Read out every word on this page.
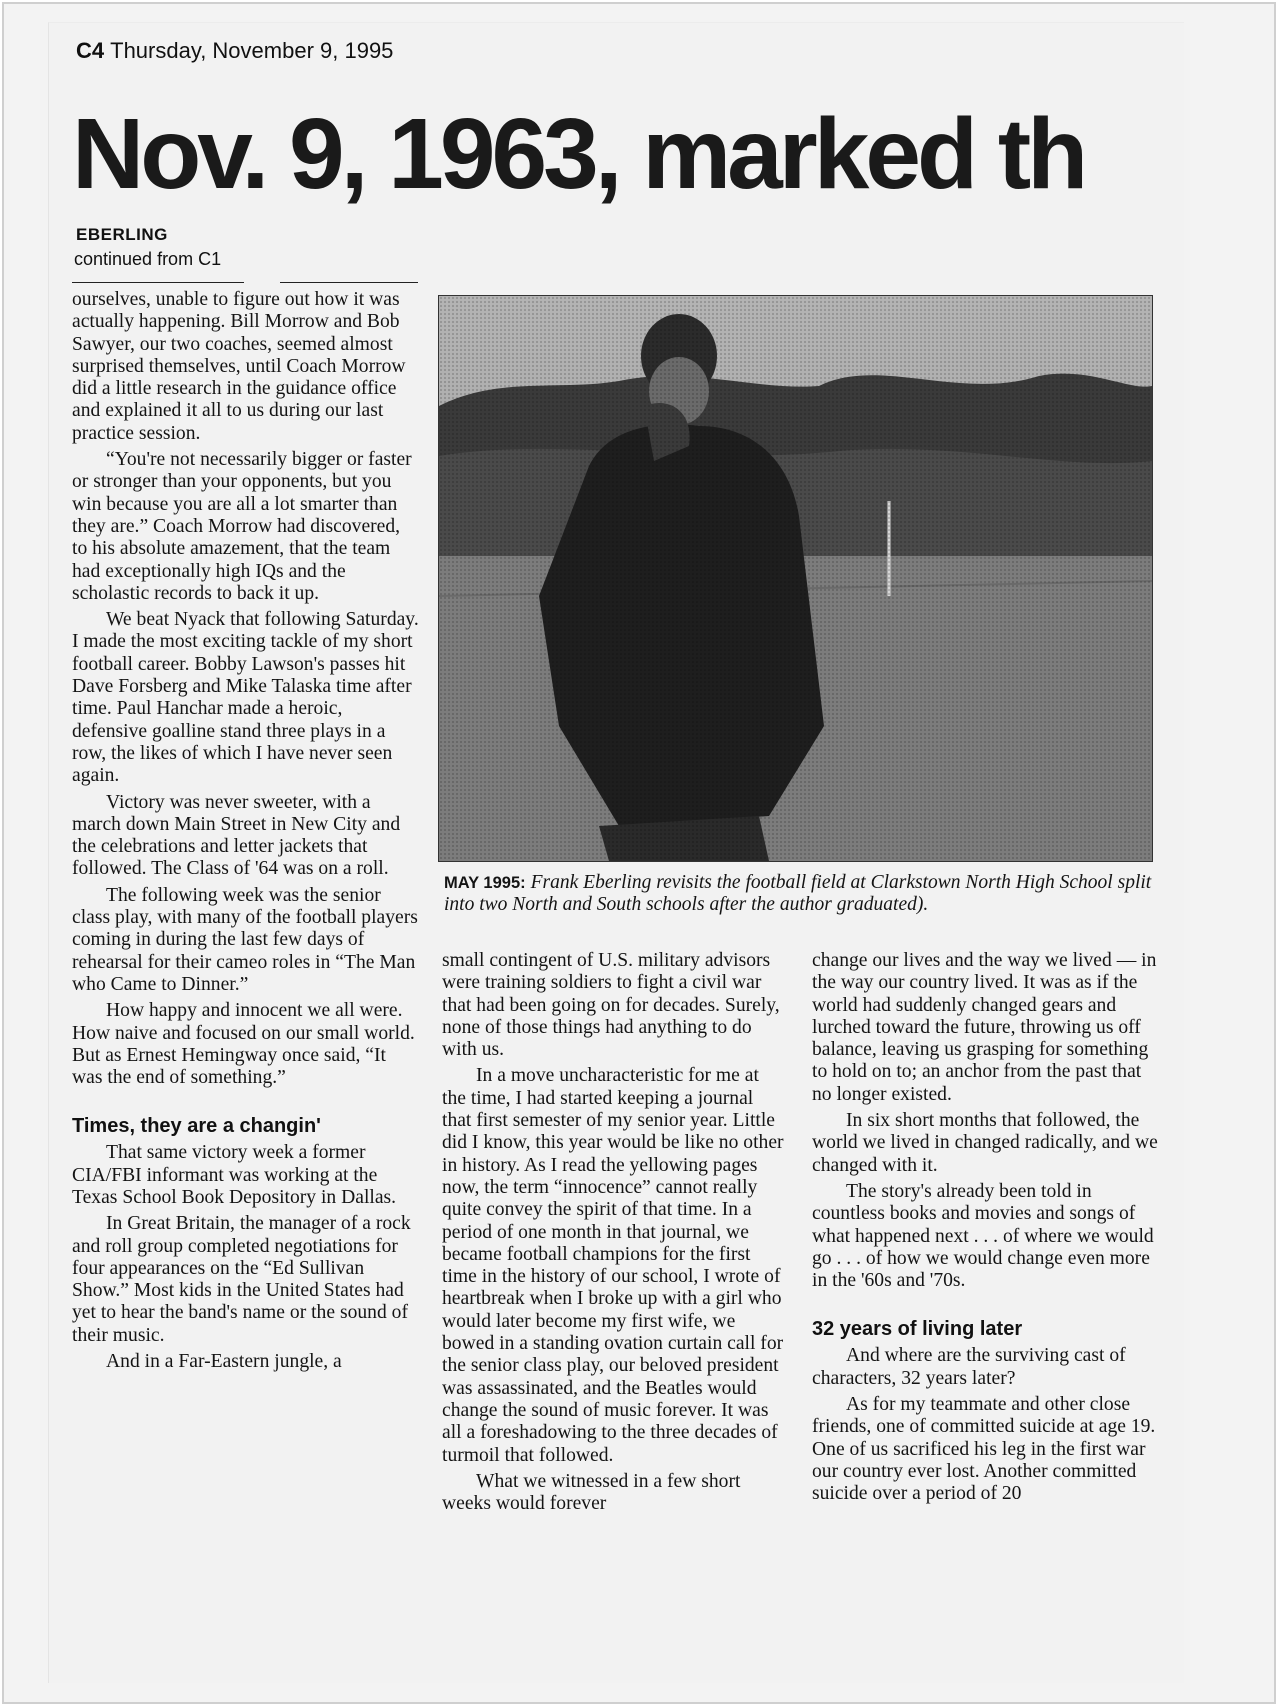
C4 Thursday, November 9, 1995
Nov. 9, 1963, marked th
EBERLING
continued from C1

ourselves, unable to figure out how it was actually happening. Bill Morrow and Bob Sawyer, our two coaches, seemed almost surprised themselves, until Coach Morrow did a little research in the guidance office and explained it all to us during our last practice session.

“You're not necessarily bigger or faster or stronger than your opponents, but you win because you are all a lot smarter than they are.” Coach Morrow had discovered, to his absolute amazement, that the team had exceptionally high IQs and the scholastic records to back it up.

We beat Nyack that following Saturday. I made the most exciting tackle of my short football career. Bobby Lawson's passes hit Dave Forsberg and Mike Talaska time after time. Paul Hanchar made a heroic, defensive goalline stand three plays in a row, the likes of which I have never seen again.

Victory was never sweeter, with a march down Main Street in New City and the celebrations and letter jackets that followed. The Class of '64 was on a roll.

The following week was the senior class play, with many of the football players coming in during the last few days of rehearsal for their cameo roles in “The Man who Came to Dinner.”

How happy and innocent we all were. How naive and focused on our small world. But as Ernest Hemingway once said, “It was the end of something.”

Times, they are a changin'

That same victory week a former CIA/FBI informant was working at the Texas School Book Depository in Dallas.

In Great Britain, the manager of a rock and roll group completed negotiations for four appearances on the “Ed Sullivan Show.” Most kids in the United States had yet to hear the band's name or the sound of their music.

And in a Far-Eastern jungle, a

MAY 1995: Frank Eberling revisits the football field at Clarkstown North High School split into two North and South schools after the author graduated).

small contingent of U.S. military advisors were training soldiers to fight a civil war that had been going on for decades. Surely, none of those things had anything to do with us.

In a move uncharacteristic for me at the time, I had started keeping a journal that first semester of my senior year. Little did I know, this year would be like no other in history. As I read the yellowing pages now, the term “innocence” cannot really quite convey the spirit of that time. In a period of one month in that journal, we became football champions for the first time in the history of our school, I wrote of heartbreak when I broke up with a girl who would later become my first wife, we bowed in a standing ovation curtain call for the senior class play, our beloved president was assassinated, and the Beatles would change the sound of music forever. It was all a foreshadowing to the three decades of turmoil that followed.

What we witnessed in a few short weeks would forever

change our lives and the way we lived — in the way our country lived. It was as if the world had suddenly changed gears and lurched toward the future, throwing us off balance, leaving us grasping for something to hold on to; an anchor from the past that no longer existed.

In six short months that followed, the world we lived in changed radically, and we changed with it.

The story's already been told in countless books and movies and songs of what happened next . . . of where we would go . . . of how we would change even more in the '60s and '70s.

32 years of living later

And where are the surviving cast of characters, 32 years later?

As for my teammate and other close friends, one of committed suicide at age 19. One of us sacrificed his leg in the first war our country ever lost. Another committed suicide over a period of 20
